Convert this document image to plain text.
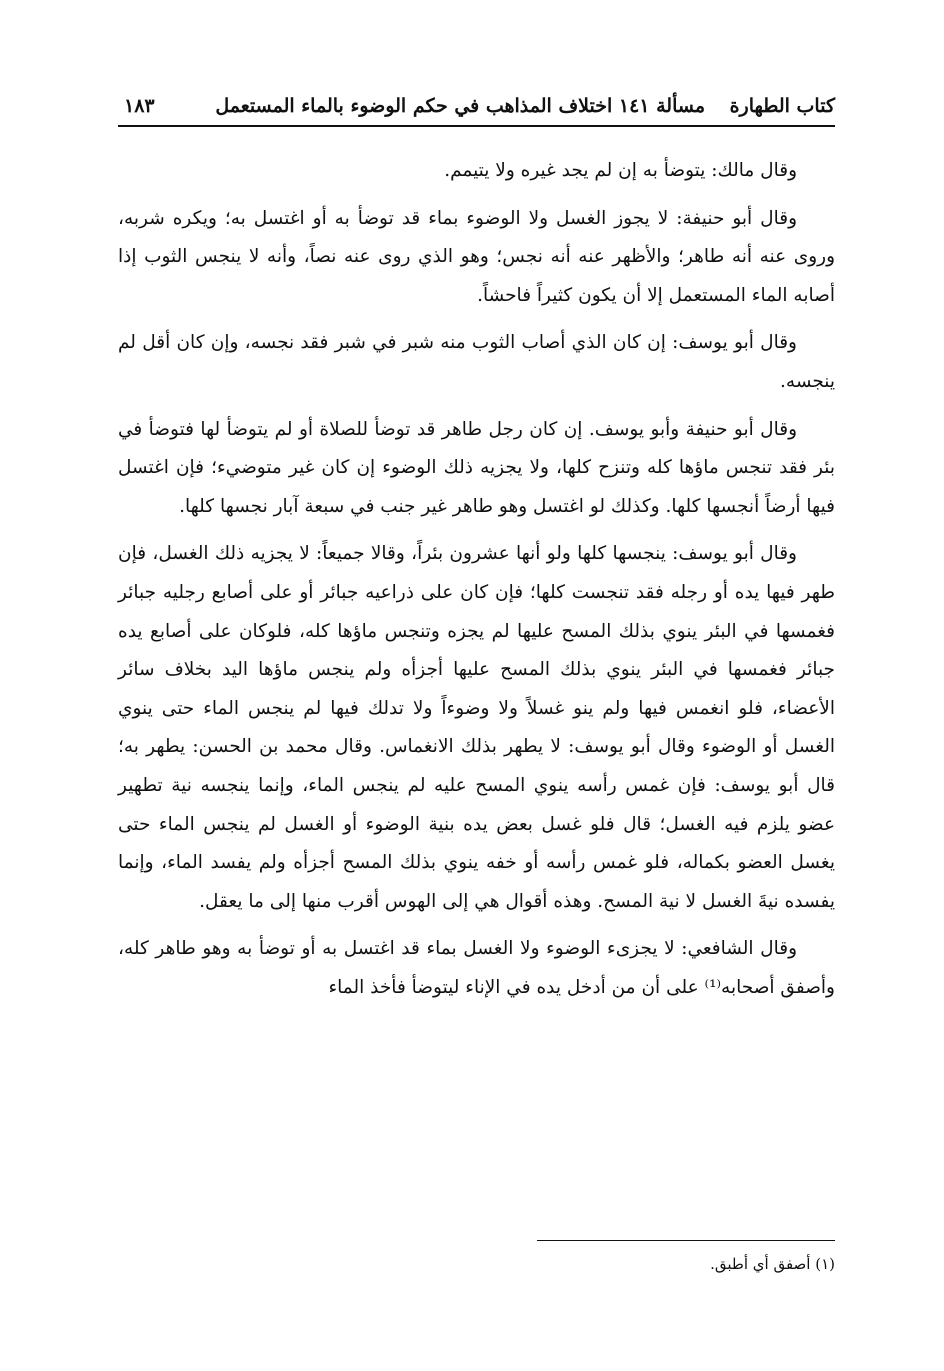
كتاب الطهارة
مسألة ١٤١ اختلاف المذاهب في حكم الوضوء بالماء المستعمل
١٨٣

وقال مالك: يتوضأ به إن لم يجد غيره ولا يتيمم.

وقال أبو حنيفة: لا يجوز الغسل ولا الوضوء بماء قد توضأ به أو اغتسل به؛ ويكره شربه، وروى عنه أنه طاهر؛ والأظهر عنه أنه نجس؛ وهو الذي روى عنه نصاً، وأنه لا ينجس الثوب إذا أصابه الماء المستعمل إلا أن يكون كثيراً فاحشاً.

وقال أبو يوسف: إن كان الذي أصاب الثوب منه شبر في شبر فقد نجسه، وإن كان أقل لم ينجسه.

وقال أبو حنيفة وأبو يوسف. إن كان رجل طاهر قد توضأ للصلاة أو لم يتوضأ لها فتوضأ في بئر فقد تنجس ماؤها كله وتنزح كلها، ولا يجزيه ذلك الوضوء إن كان غير متوضيء؛ فإن اغتسل فيها أرضاً أنجسها كلها. وكذلك لو اغتسل وهو طاهر غير جنب في سبعة آبار نجسها كلها.

وقال أبو يوسف: ينجسها كلها ولو أنها عشرون بئراً، وقالا جميعاً: لا يجزيه ذلك الغسل، فإن طهر فيها يده أو رجله فقد تنجست كلها؛ فإن كان على ذراعيه جبائر أو على أصابع رجليه جبائر فغمسها في البئر ينوي بذلك المسح عليها لم يجزه وتنجس ماؤها كله، فلوكان على أصابع يده جبائر فغمسها في البئر ينوي بذلك المسح عليها أجزأه ولم ينجس ماؤها اليد بخلاف سائر الأعضاء، فلو انغمس فيها ولم ينو غسلاً ولا وضوءاً ولا تدلك فيها لم ينجس الماء حتى ينوي الغسل أو الوضوء وقال أبو يوسف: لا يطهر بذلك الانغماس. وقال محمد بن الحسن: يطهر به؛ قال أبو يوسف: فإن غمس رأسه ينوي المسح عليه لم ينجس الماء، وإنما ينجسه نية تطهير عضو يلزم فيه الغسل؛ قال فلو غسل بعض يده بنية الوضوء أو الغسل لم ينجس الماء حتى يغسل العضو بكماله، فلو غمس رأسه أو خفه ينوي بذلك المسح أجزأه ولم يفسد الماء، وإنما يفسده نيةَ الغسل لا نية المسح. وهذه أقوال هي إلى الهوس أقرب منها إلى ما يعقل.

وقال الشافعي: لا يجزىء الوضوء ولا الغسل بماء قد اغتسل به أو توضأ به وهو طاهر كله، وأصفق أصحابه⁽¹⁾ على أن من أدخل يده في الإناء ليتوضأ فأخذ الماء

(١) أصفق أي أطبق.
